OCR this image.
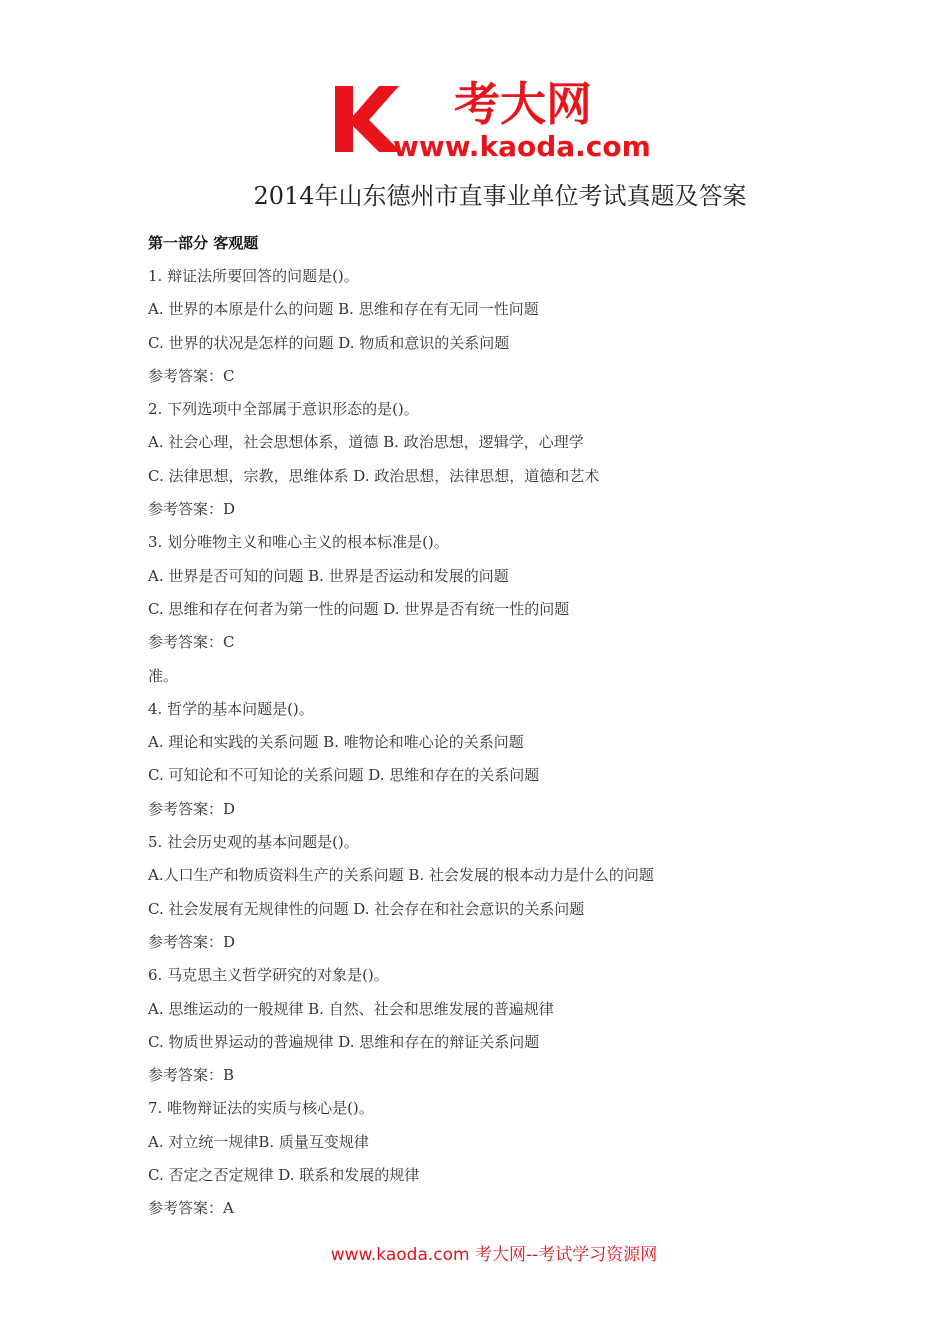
考大网
www.kaoda.com
2014年山东德州市直事业单位考试真题及答案
第一部分 客观题
1. 辩证法所要回答的问题是()。
A. 世界的本原是什么的问题 B. 思维和存在有无同一性问题
C. 世界的状况是怎样的问题 D. 物质和意识的关系问题
参考答案：C
2. 下列选项中全部属于意识形态的是()。
A. 社会心理，社会思想体系，道德 B. 政治思想，逻辑学，心理学
C. 法律思想，宗教，思维体系 D. 政治思想，法律思想，道德和艺术
参考答案：D
3. 划分唯物主义和唯心主义的根本标准是()。
A. 世界是否可知的问题 B. 世界是否运动和发展的问题
C. 思维和存在何者为第一性的问题 D. 世界是否有统一性的问题
参考答案：C
准。
4. 哲学的基本问题是()。
A. 理论和实践的关系问题 B. 唯物论和唯心论的关系问题
C. 可知论和不可知论的关系问题 D. 思维和存在的关系问题
参考答案：D
5. 社会历史观的基本问题是()。
A.人口生产和物质资料生产的关系问题 B. 社会发展的根本动力是什么的问题
C. 社会发展有无规律性的问题 D. 社会存在和社会意识的关系问题
参考答案：D
6. 马克思主义哲学研究的对象是()。
A. 思维运动的一般规律 B. 自然、社会和思维发展的普遍规律
C. 物质世界运动的普遍规律 D. 思维和存在的辩证关系问题
参考答案：B
7. 唯物辩证法的实质与核心是()。
A. 对立统一规律B. 质量互变规律
C. 否定之否定规律 D. 联系和发展的规律
参考答案：A
www.kaoda.com 考大网--考试学习资源网
